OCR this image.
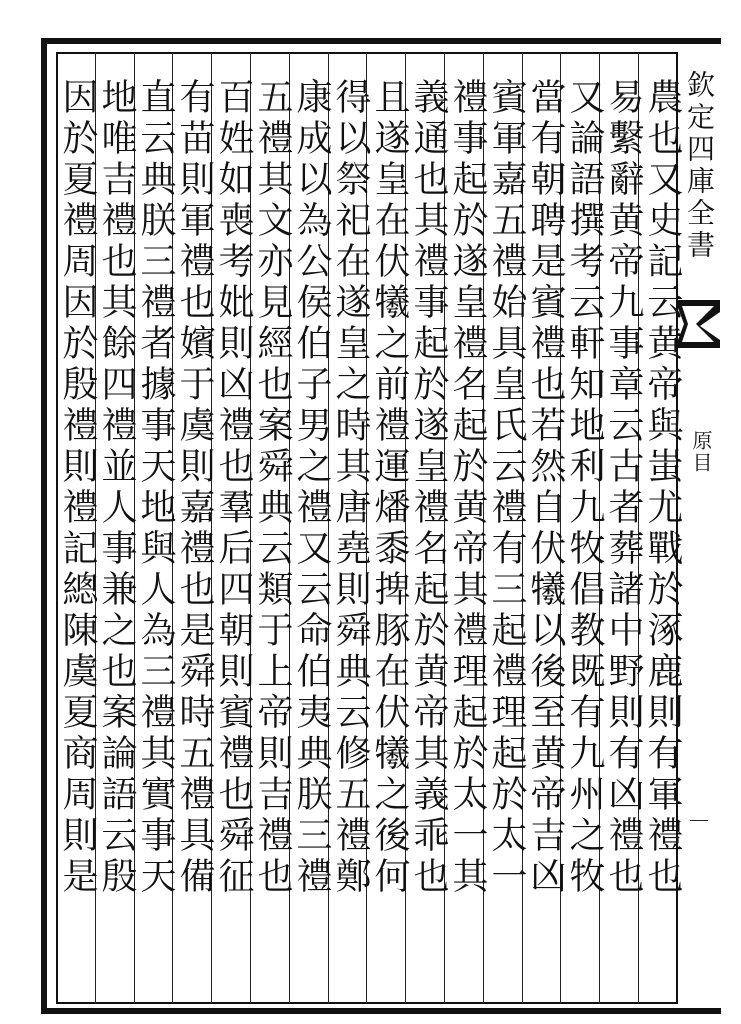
農也又史記云黄帝與蚩尤戰於涿鹿則有軍禮也
易繫辭黄帝九事章云古者葬諸中野則有凶禮也
又論語撰考云軒知地利九牧倡教既有九州之牧
當有朝聘是賓禮也若然自伏犧以後至黄帝吉凶
賓軍嘉五禮始具皇氏云禮有三起禮理起於太一
禮事起於遂皇禮名起於黄帝其禮理起於太一其
義通也其禮事起於遂皇禮名起於黄帝其義乖也
且遂皇在伏犧之前禮運燔黍捭豚在伏犧之後何
得以祭祀在遂皇之時其唐堯則舜典云修五禮鄭
康成以為公侯伯子男之禮又云命伯夷典朕三禮
五禮其文亦見經也案舜典云類于上帝則吉禮也
百姓如喪考妣則凶禮也羣后四朝則賓禮也舜征
有苗則軍禮也嬪于虞則嘉禮也是舜時五禮具備
直云典朕三禮者據事天地與人為三禮其實事天
地唯吉禮也其餘四禮並人事兼之也案論語云殷
因於夏禮周因於殷禮則禮記總陳虞夏商周則是	欽定四庫全書
原目
